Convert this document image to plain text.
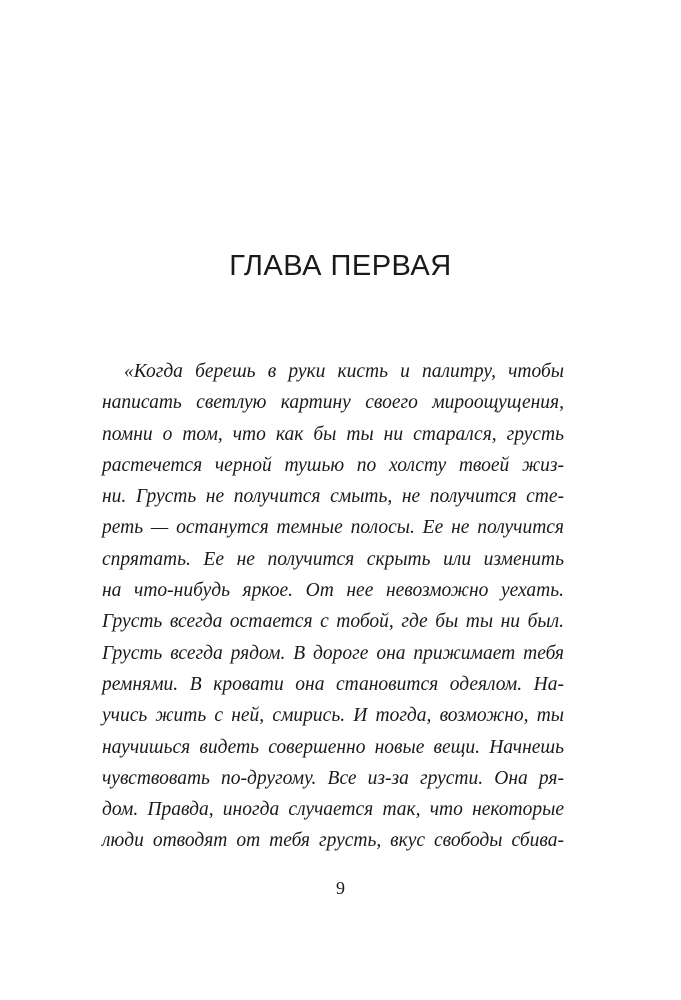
ГЛАВА ПЕРВАЯ
«Когда берешь в руки кисть и палитру, чтобы
написать светлую картину своего мироощущения,
помни о том, что как бы ты ни старался, грусть
растечется черной тушью по холсту твоей жиз-
ни. Грусть не получится смыть, не получится сте-
реть — останутся темные полосы. Ее не получится
спрятать. Ее не получится скрыть или изменить
на что-нибудь яркое. От нее невозможно уехать.
Грусть всегда остается с тобой, где бы ты ни был.
Грусть всегда рядом. В дороге она прижимает тебя
ремнями. В кровати она становится одеялом. На-
учись жить с ней, смирись. И тогда, возможно, ты
научишься видеть совершенно новые вещи. Начнешь
чувствовать по-другому. Все из-за грусти. Она ря-
дом. Правда, иногда случается так, что некоторые
люди отводят от тебя грусть, вкус свободы сбива-
9
